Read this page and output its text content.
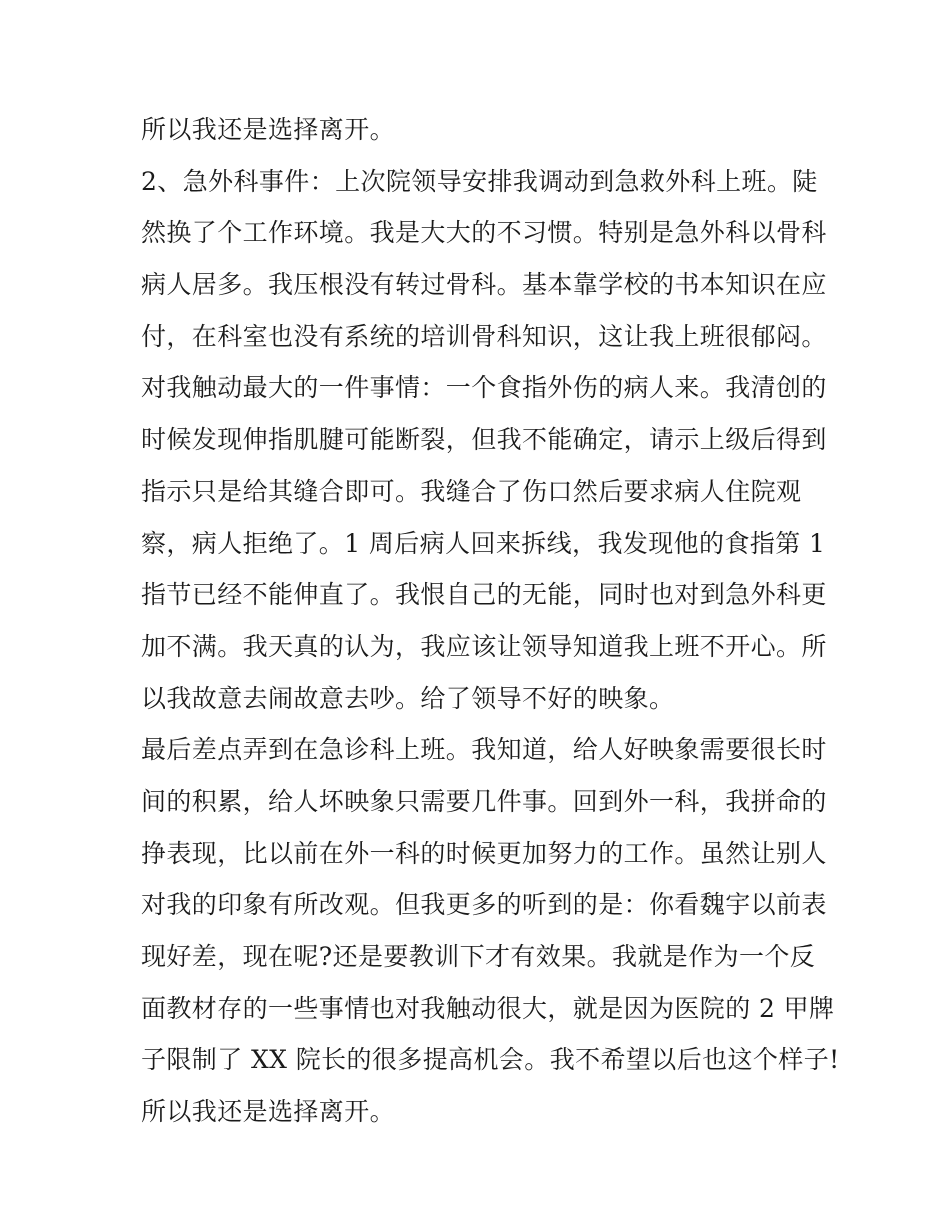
所以我还是选择离开。
2、急外科事件：上次院领导安排我调动到急救外科上班。陡
然换了个工作环境。我是大大的不习惯。特别是急外科以骨科
病人居多。我压根没有转过骨科。基本靠学校的书本知识在应
付，在科室也没有系统的培训骨科知识，这让我上班很郁闷。
对我触动最大的一件事情：一个食指外伤的病人来。我清创的
时候发现伸指肌腱可能断裂，但我不能确定，请示上级后得到
指示只是给其缝合即可。我缝合了伤口然后要求病人住院观
察，病人拒绝了。1 周后病人回来拆线，我发现他的食指第 1
指节已经不能伸直了。我恨自己的无能，同时也对到急外科更
加不满。我天真的认为，我应该让领导知道我上班不开心。所
以我故意去闹故意去吵。给了领导不好的映象。
最后差点弄到在急诊科上班。我知道，给人好映象需要很长时
间的积累，给人坏映象只需要几件事。回到外一科，我拼命的
挣表现，比以前在外一科的时候更加努力的工作。虽然让别人
对我的印象有所改观。但我更多的听到的是：你看魏宇以前表
现好差，现在呢?还是要教训下才有效果。我就是作为一个反
面教材存的一些事情也对我触动很大，就是因为医院的 2 甲牌
子限制了 XX 院长的很多提高机会。我不希望以后也这个样子!
所以我还是选择离开。
